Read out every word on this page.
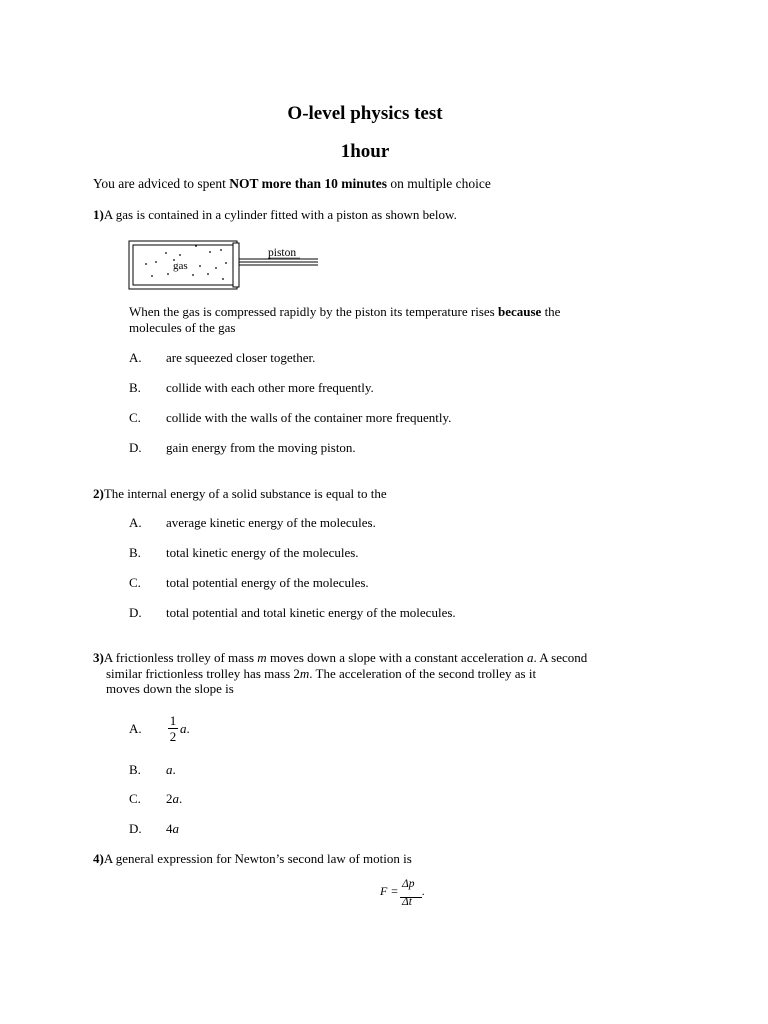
O-level physics test
1hour
You are adviced to spent NOT more than 10 minutes on multiple choice
1)A gas is contained in a cylinder fitted with a piston as shown below.
gas
piston
When the gas is compressed rapidly by the piston its temperature rises because the
molecules of the gas
A. are squeezed closer together.
B. collide with each other more frequently.
C. collide with the walls of the container more frequently.
D. gain energy from the moving piston.
2)The internal energy of a solid substance is equal to the
A. average kinetic energy of the molecules.
B. total kinetic energy of the molecules.
C. total potential energy of the molecules.
D. total potential and total kinetic energy of the molecules.
3)A frictionless trolley of mass m moves down a slope with a constant acceleration a. A second
similar frictionless trolley has mass 2m. The acceleration of the second trolley as it
moves down the slope is
A.
1
2
a.
B. a.
C. 2a.
D. 4a
4)A general expression for Newton’s second law of motion is
F = Δp
Δt
.
